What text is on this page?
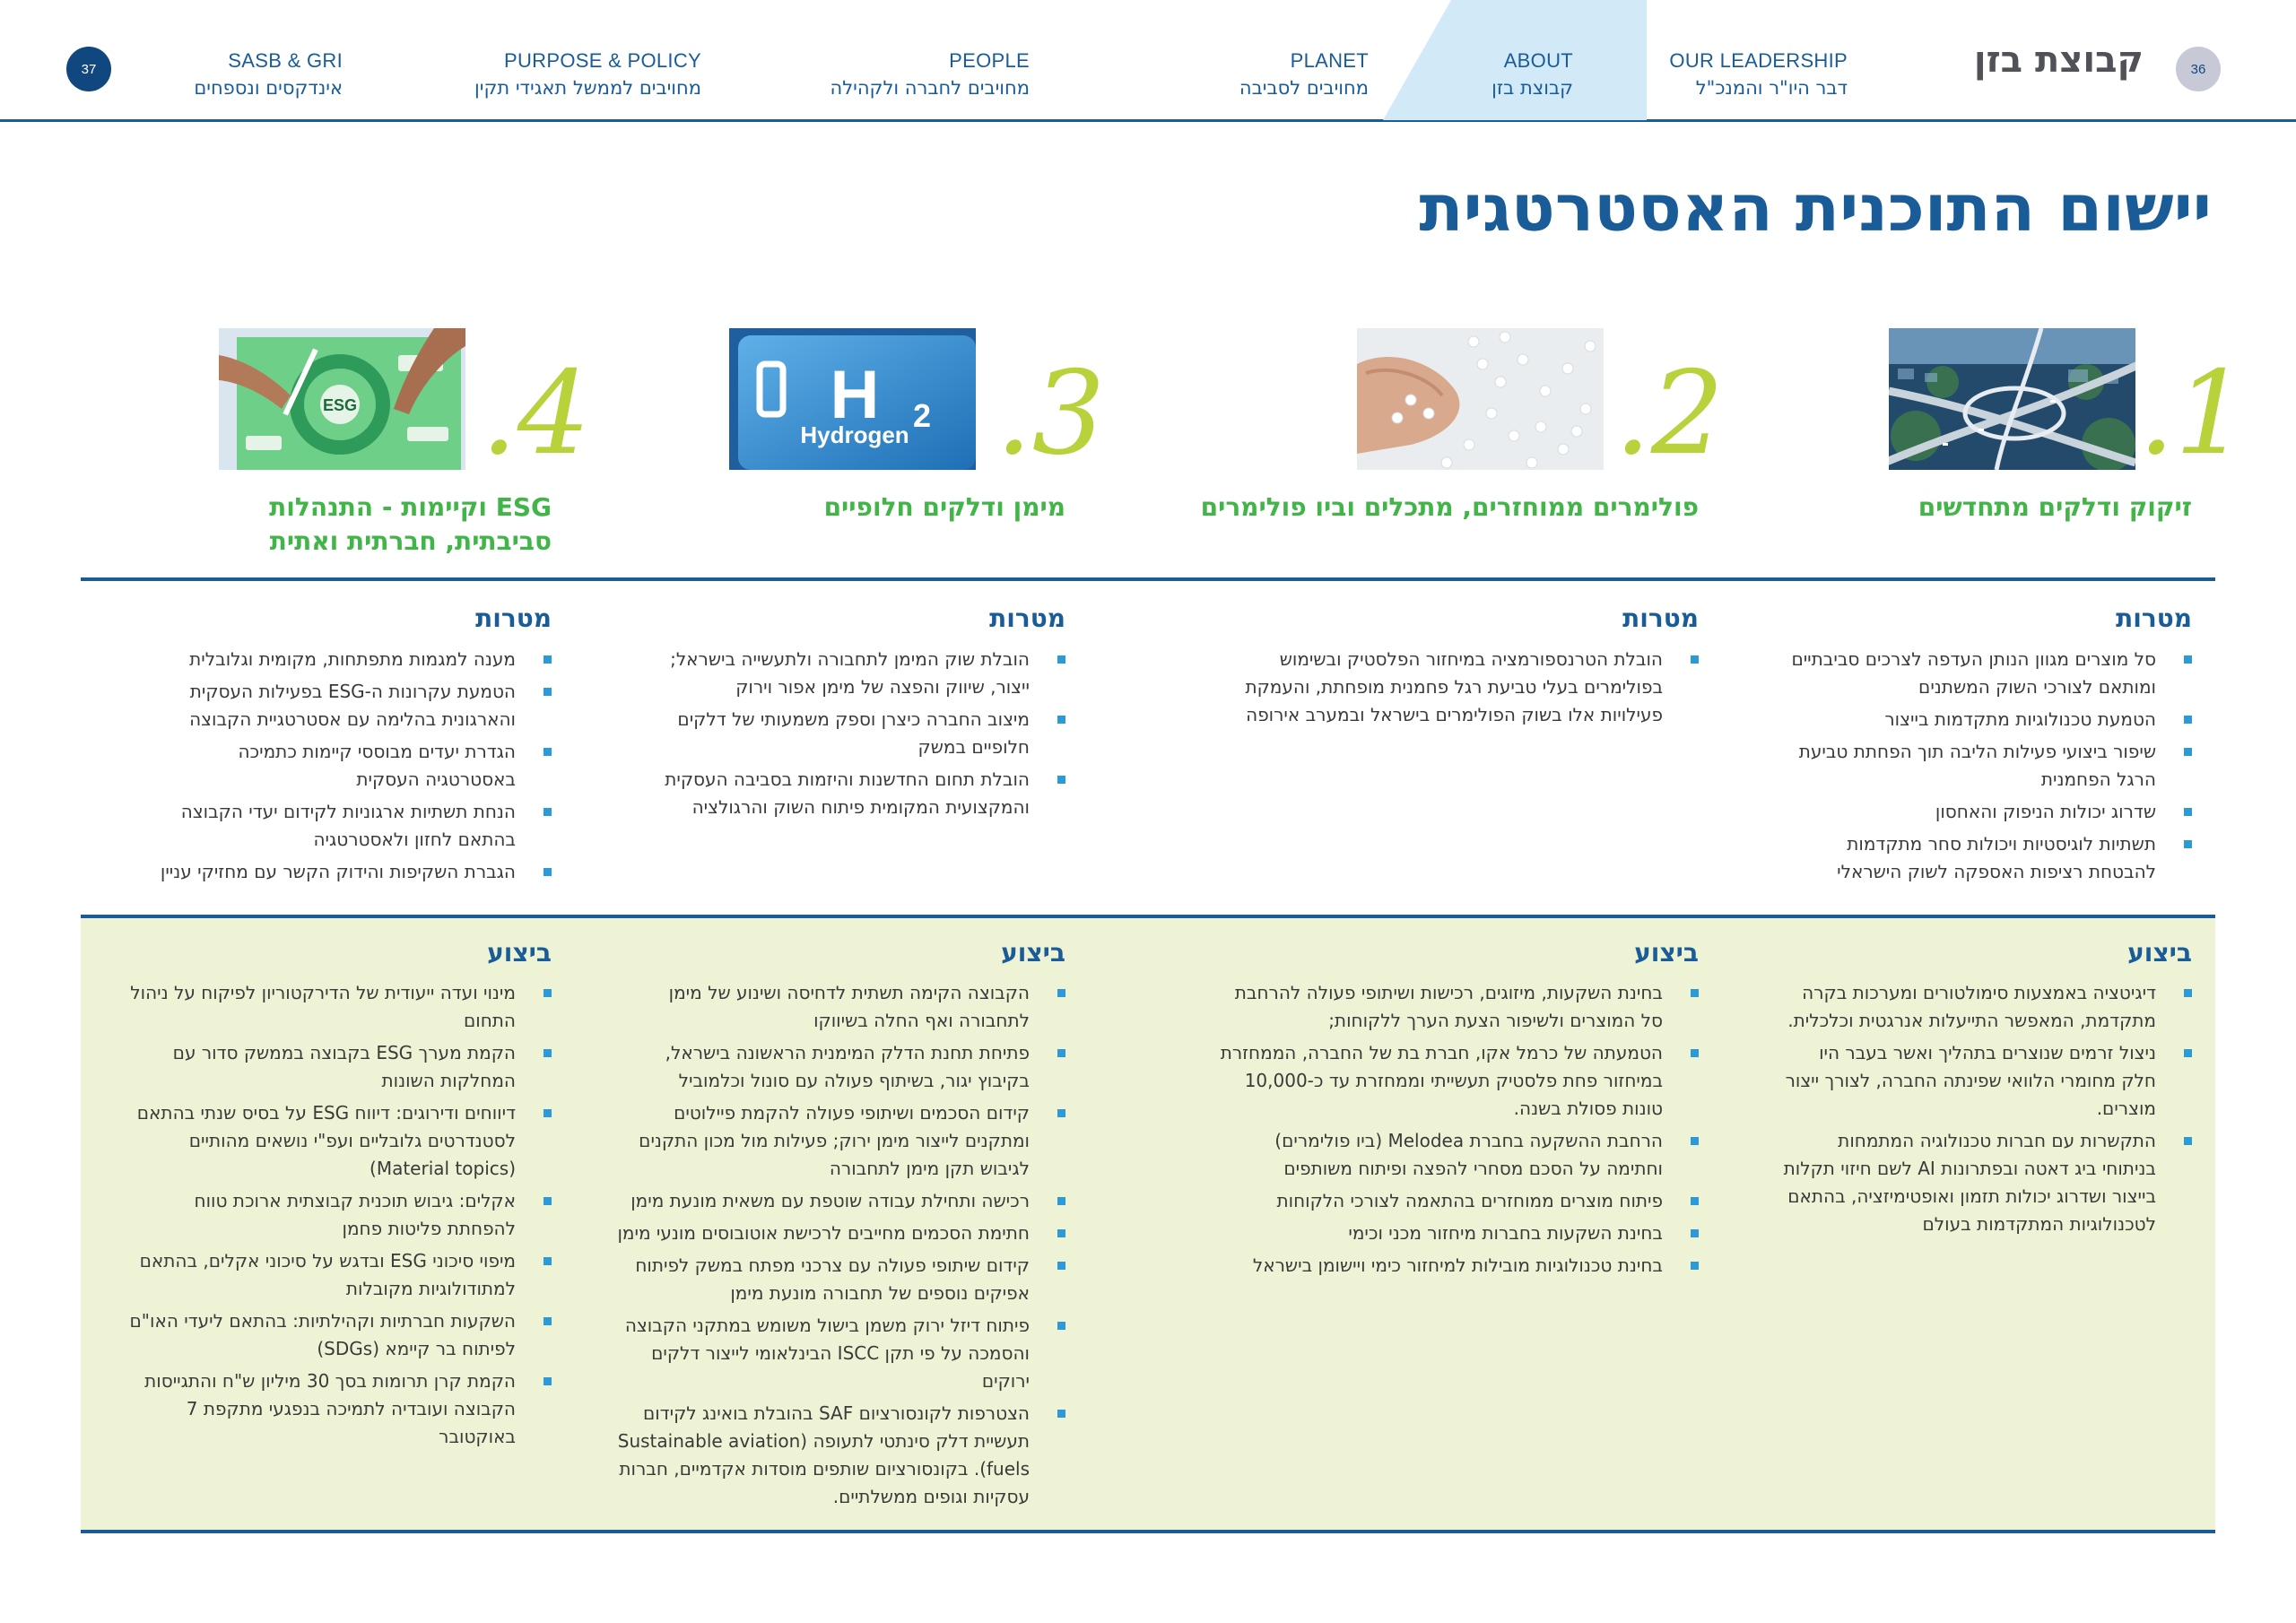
37	SASB & GRI
אינדקסים ונספחים
PURPOSE & POLICY
מחויבים לממשל תאגידי תקין
PEOPLE
מחויבים לחברה ולקהילה
PLANET
מחויבים לסביבה
ABOUT
קבוצת בזן
OUR LEADERSHIP
דבר היו"ר והמנכ"ל
קבוצת בזן	36
יישום התוכנית האסטרטגית
H 2
Hydrogen
ESG	.1
.2
.3
.4
זיקוק ודלקים מתחדשים
פולימרים ממוחזרים, מתכלים וביו פולימרים
מימן ודלקים חלופיים
ESG וקיימות - התנהלות סביבתית, חברתית ואתית
מטרות
מטרות
מטרות
מטרות
סל מוצרים מגוון הנותן העדפה לצרכים סביבתיים ומותאם לצורכי השוק המשתנים
הטמעת טכנולוגיות מתקדמות בייצור
שיפור ביצועי פעילות הליבה תוך הפחתת טביעת הרגל הפחמנית
שדרוג יכולות הניפוק והאחסון
תשתיות לוגיסטיות ויכולות סחר מתקדמות להבטחת רציפות האספקה לשוק הישראלי
הובלת הטרנספורמציה במיחזור הפלסטיק ובשימוש בפולימרים בעלי טביעת רגל פחמנית מופחתת, והעמקת פעילויות אלו בשוק הפולימרים בישראל ובמערב אירופה
הובלת שוק המימן לתחבורה ולתעשייה בישראל; ייצור, שיווק והפצה של מימן אפור וירוק
מיצוב החברה כיצרן וספק משמעותי של דלקים חלופיים במשק
הובלת תחום החדשנות והיזמות בסביבה העסקית והמקצועית המקומית פיתוח השוק והרגולציה
מענה למגמות מתפתחות, מקומית וגלובלית
הטמעת עקרונות ה-ESG בפעילות העסקית והארגונית בהלימה עם אסטרטגיית הקבוצה
הגדרת יעדים מבוססי קיימות כתמיכה באסטרטגיה העסקית
הנחת תשתיות ארגוניות לקידום יעדי הקבוצה בהתאם לחזון ולאסטרטגיה
הגברת השקיפות והידוק הקשר עם מחזיקי עניין
ביצוע
ביצוע
ביצוע
ביצוע
דיגיטציה באמצעות סימולטורים ומערכות בקרה מתקדמת, המאפשר התייעלות אנרגטית וכלכלית.
ניצול זרמים שנוצרים בתהליך ואשר בעבר היו חלק מחומרי הלוואי שפינתה החברה, לצורך ייצור מוצרים.
התקשרות עם חברות טכנולוגיה המתמחות בניתוחי ביג דאטה ובפתרונות AI לשם חיזוי תקלות בייצור ושדרוג יכולות תזמון ואופטימיזציה, בהתאם לטכנולוגיות המתקדמות בעולם
בחינת השקעות, מיזוגים, רכישות ושיתופי פעולה להרחבת סל המוצרים ולשיפור הצעת הערך ללקוחות;
הטמעתה של כרמל אקו, חברת בת של החברה, הממחזרת במיחזור פחת פלסטיק תעשייתי וממחזרת עד כ-10,000 טונות פסולת בשנה.
הרחבת ההשקעה בחברת Melodea (ביו פולימרים) וחתימה על הסכם מסחרי להפצה ופיתוח משותפים
פיתוח מוצרים ממוחזרים בהתאמה לצורכי הלקוחות
בחינת השקעות בחברות מיחזור מכני וכימי
בחינת טכנולוגיות מובילות למיחזור כימי ויישומן בישראל
הקבוצה הקימה תשתית לדחיסה ושינוע של מימן לתחבורה ואף החלה בשיווקו
פתיחת תחנת הדלק המימנית הראשונה בישראל, בקיבוץ יגור, בשיתוף פעולה עם סונול וכלמוביל
קידום הסכמים ושיתופי פעולה להקמת פיילוטים ומתקנים לייצור מימן ירוק; פעילות מול מכון התקנים לגיבוש תקן מימן לתחבורה
רכישה ותחילת עבודה שוטפת עם משאית מונעת מימן
חתימת הסכמים מחייבים לרכישת אוטובוסים מונעי מימן
קידום שיתופי פעולה עם צרכני מפתח במשק לפיתוח אפיקים נוספים של תחבורה מונעת מימן
פיתוח דיזל ירוק משמן בישול משומש במתקני הקבוצה והסמכה על פי תקן ISCC הבינלאומי לייצור דלקים ירוקים
הצטרפות לקונסורציום SAF בהובלת בואינג לקידום תעשיית דלק סינתטי לתעופה (Sustainable aviation fuels). בקונסורציום שותפים מוסדות אקדמיים, חברות עסקיות וגופים ממשלתיים.
מינוי ועדה ייעודית של הדירקטוריון לפיקוח על ניהול התחום
הקמת מערך ESG בקבוצה בממשק סדור עם המחלקות השונות
דיווחים ודירוגים: דיווח ESG על בסיס שנתי בהתאם לסטנדרטים גלובליים ועפ"י נושאים מהותיים (Material topics)
אקלים: גיבוש תוכנית קבוצתית ארוכת טווח להפחתת פליטות פחמן
מיפוי סיכוני ESG ובדגש על סיכוני אקלים, בהתאם למתודולוגיות מקובלות
השקעות חברתיות וקהילתיות: בהתאם ליעדי האו"ם לפיתוח בר קיימא (SDGs)
הקמת קרן תרומות בסך 30 מיליון ש"ח והתגייסות הקבוצה ועובדיה לתמיכה בנפגעי מתקפת 7 באוקטובר
